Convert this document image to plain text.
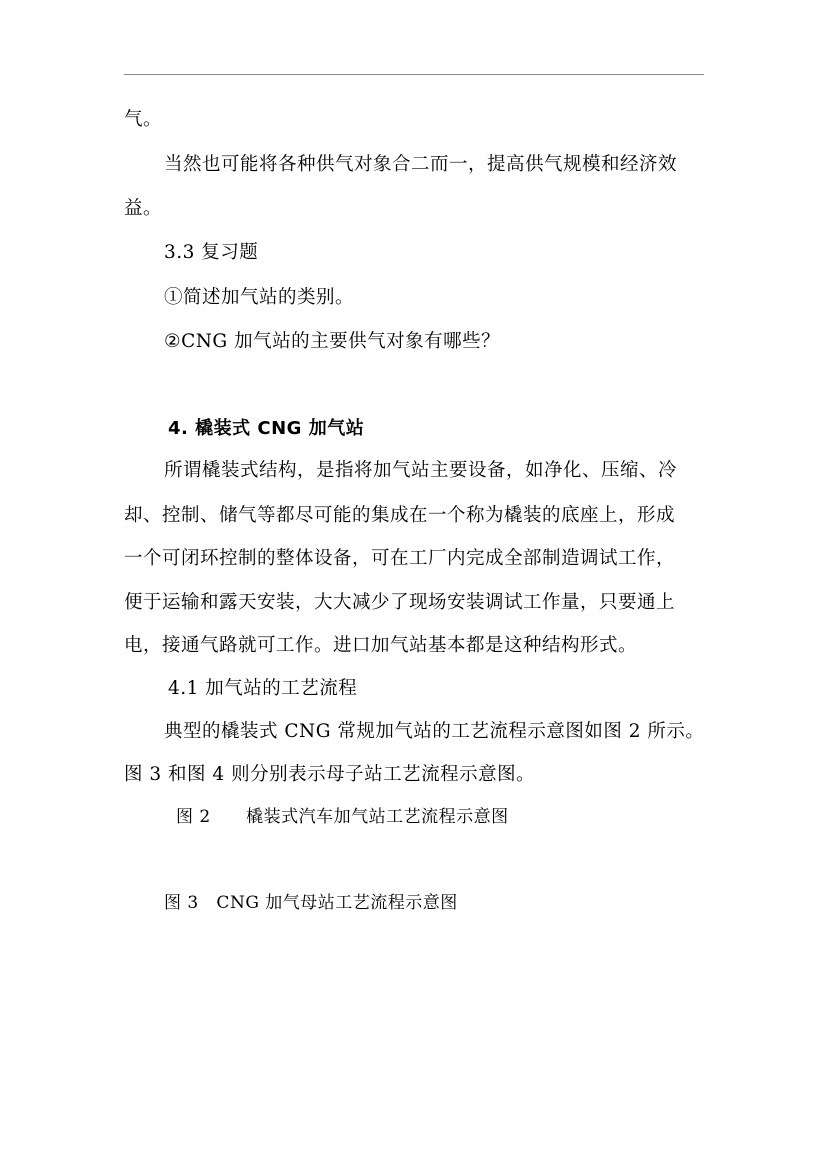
气。
当然也可能将各种供气对象合二而一，提高供气规模和经济效
益。
3.3 复习题
①简述加气站的类别。
②CNG 加气站的主要供气对象有哪些？
4. 橇装式 CNG 加气站
所谓橇装式结构，是指将加气站主要设备，如净化、压缩、冷
却、控制、储气等都尽可能的集成在一个称为橇装的底座上，形成
一个可闭环控制的整体设备，可在工厂内完成全部制造调试工作，
便于运输和露天安装，大大减少了现场安装调试工作量，只要通上
电，接通气路就可工作。进口加气站基本都是这种结构形式。
4.1 加气站的工艺流程
典型的橇装式 CNG 常规加气站的工艺流程示意图如图 2 所示。
图 3 和图 4 则分别表示母子站工艺流程示意图。
图 2      橇装式汽车加气站工艺流程示意图
图 3   CNG 加气母站工艺流程示意图
